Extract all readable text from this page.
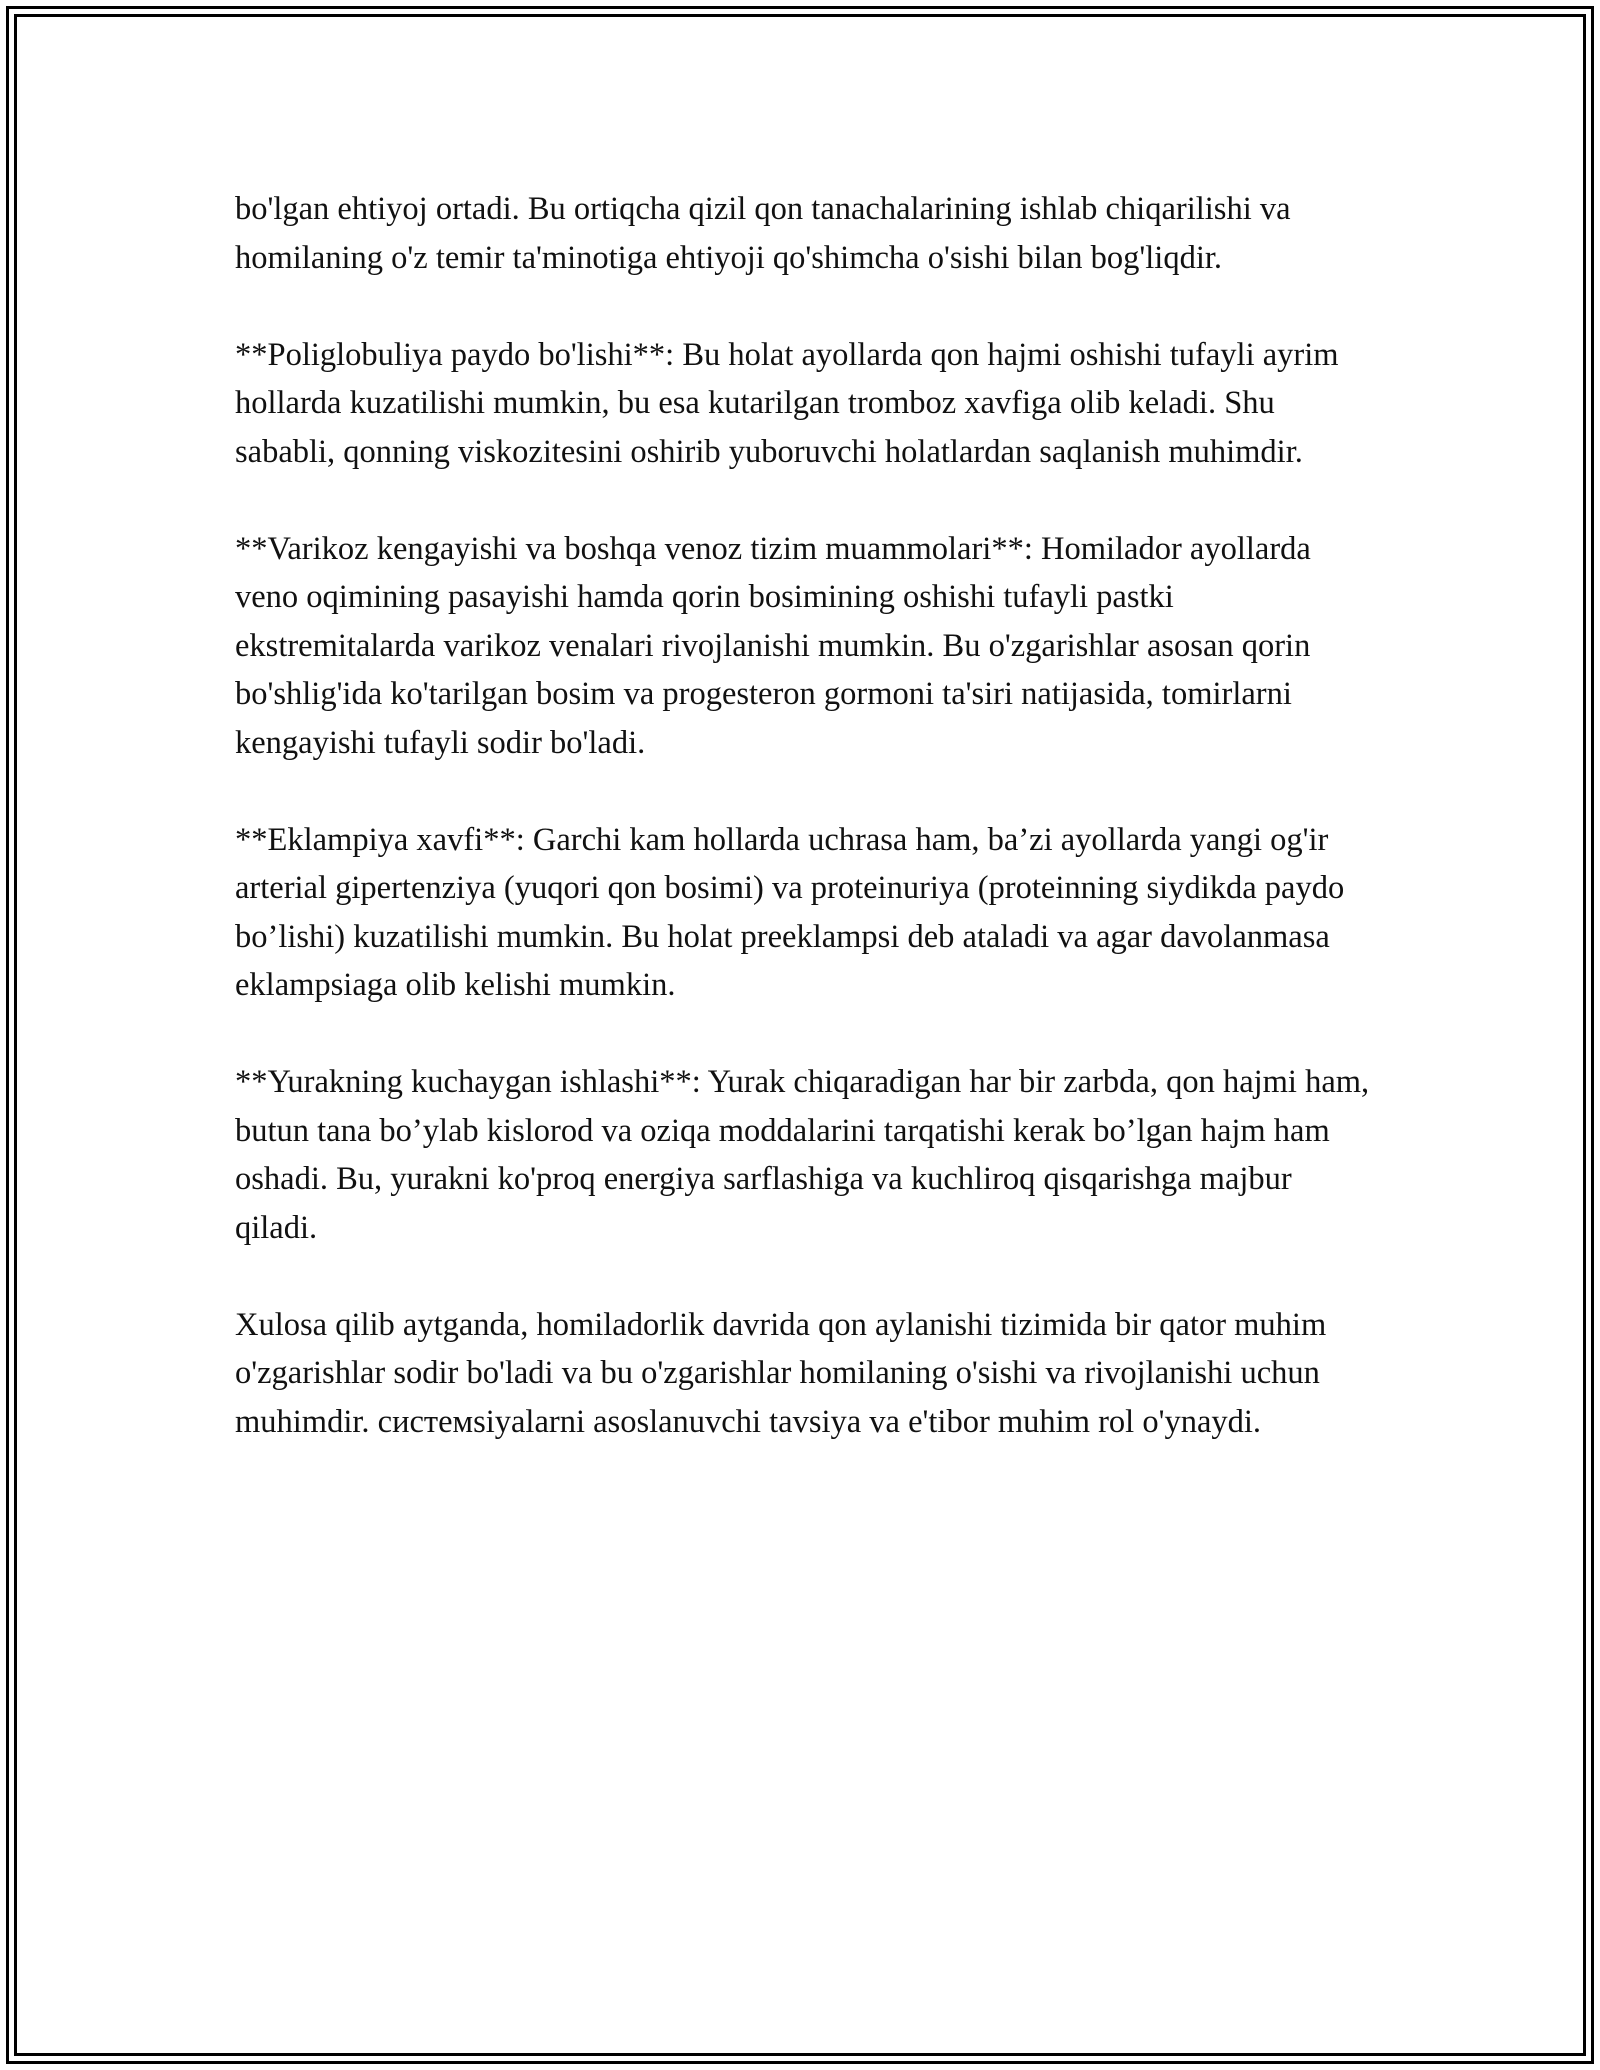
bo'lgan ehtiyoj ortadi. Bu ortiqcha qizil qon tanachalarining ishlab chiqarilishi va homilaning o'z temir ta'minotiga ehtiyoji qo'shimcha o'sishi bilan bog'liqdir.

**Poliglobuliya paydo bo'lishi**: Bu holat ayollarda qon hajmi oshishi tufayli ayrim hollarda kuzatilishi mumkin, bu esa kutarilgan tromboz xavfiga olib keladi. Shu sababli, qonning viskozitesini oshirib yuboruvchi holatlardan saqlanish muhimdir.

**Varikoz kengayishi va boshqa venoz tizim muammolari**: Homilador ayollarda veno oqimining pasayishi hamda qorin bosimining oshishi tufayli pastki ekstremitalarda varikoz venalari rivojlanishi mumkin. Bu o'zgarishlar asosan qorin bo'shlig'ida ko'tarilgan bosim va progesteron gormoni ta'siri natijasida, tomirlarni kengayishi tufayli sodir bo'ladi.

**Eklampiya xavfi**: Garchi kam hollarda uchrasa ham, ba’zi ayollarda yangi og'ir arterial gipertenziya (yuqori qon bosimi) va proteinuriya (proteinning siydikda paydo bo’lishi) kuzatilishi mumkin. Bu holat preeklampsi deb ataladi va agar davolanmasa eklampsiaga olib kelishi mumkin.

**Yurakning kuchaygan ishlashi**: Yurak chiqaradigan har bir zarbda, qon hajmi ham, butun tana bo’ylab kislorod va oziqa moddalarini tarqatishi kerak bo’lgan hajm ham oshadi. Bu, yurakni ko'proq energiya sarflashiga va kuchliroq qisqarishga majbur qiladi.

Xulosa qilib aytganda, homiladorlik davrida qon aylanishi tizimida bir qator muhim o'zgarishlar sodir bo'ladi va bu o'zgarishlar homilaning o'sishi va rivojlanishi uchun muhimdir. системsiyalarni asoslanuvchi tavsiya va e'tibor muhim rol o'ynaydi.
